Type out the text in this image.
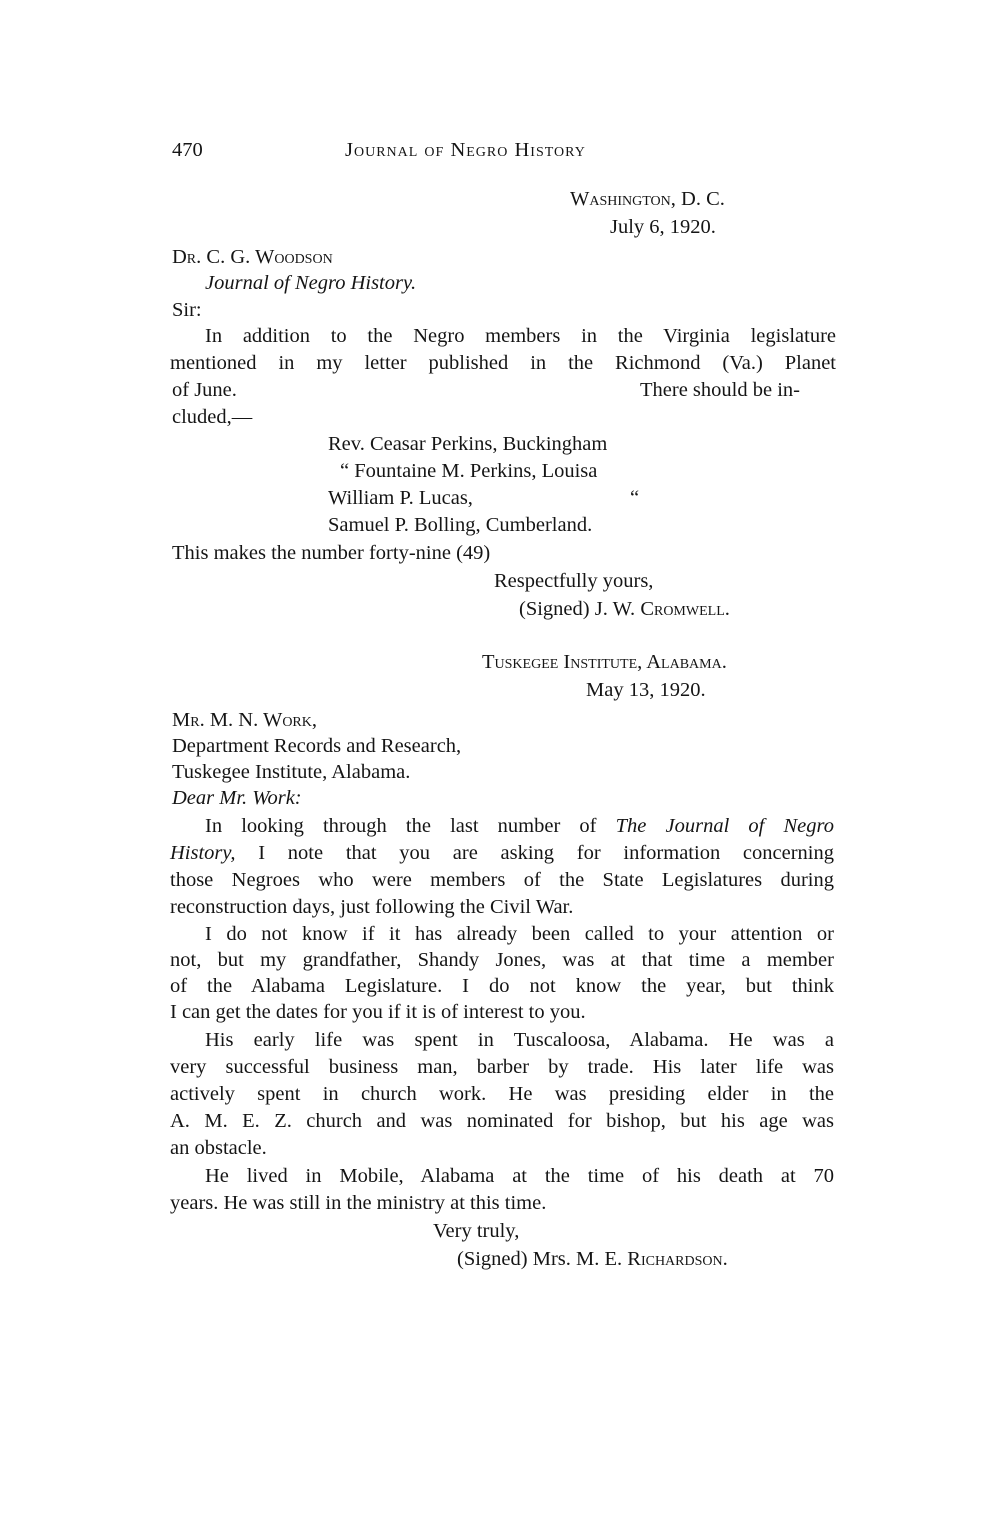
470	Journal of Negro History
Washington, D. C.
July 6, 1920.
Dr. C. G. Woodson
Journal of Negro History.
Sir:
In addition to the Negro members in the Virginia legislature
mentioned in my letter published in the Richmond (Va.) Planet
of June.	There should be in-
cluded,—
Rev. Ceasar Perkins, Buckingham
“ Fountaine M. Perkins, Louisa
William P. Lucas,	“
Samuel P. Bolling, Cumberland.
This makes the number forty-nine (49)
Respectfully yours,
(Signed) J. W. Cromwell.
Tuskegee Institute, Alabama.
May 13, 1920.
Mr. M. N. Work,
Department Records and Research,
Tuskegee Institute, Alabama.
Dear Mr. Work:
In looking through the last number of The Journal of Negro
History, I note that you are asking for information concerning
those Negroes who were members of the State Legislatures during
reconstruction days, just following the Civil War.
I do not know if it has already been called to your attention or
not, but my grandfather, Shandy Jones, was at that time a member
of the Alabama Legislature. I do not know the year, but think
I can get the dates for you if it is of interest to you.
His early life was spent in Tuscaloosa, Alabama. He was a
very successful business man, barber by trade. His later life was
actively spent in church work. He was presiding elder in the
A. M. E. Z. church and was nominated for bishop, but his age was
an obstacle.
He lived in Mobile, Alabama at the time of his death at 70
years. He was still in the ministry at this time.
Very truly,
(Signed) Mrs. M. E. Richardson.
